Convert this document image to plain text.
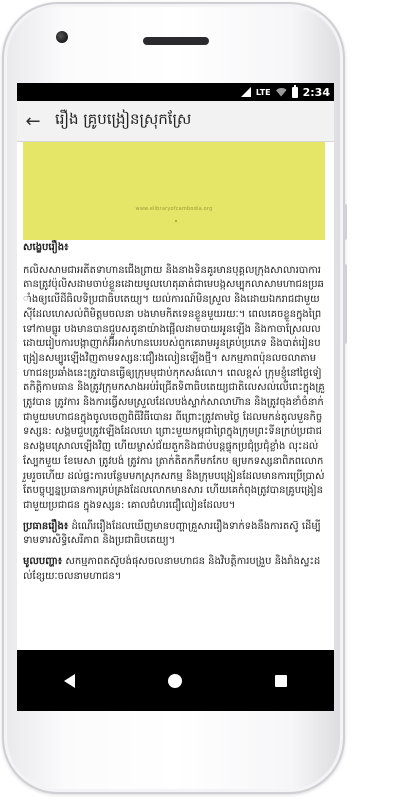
LTE	2:34
← រឿង គ្រូបង្រៀនស្រុកស្រែ
www.elibraryofcambodia.org

សង្ខេបរឿង៖

កលិសសាមជាអតីតទាហានជើងព្រាយ និងនាងទិនគូរមានបុគ្គលក្រុងសាលារបាការតានត្រូវប៉ុលិសដាមចាប់ខ្លួនដោយមូលហេតុឆាត់ជាមេបង្កសម្បុកលាសាមហាជនប្រឆាំងឲ្យលើដីធិលទិប្រជាធិបតេយ្យ។ យល់ការណ៍មិនស្រួល និងដោយឯករាជជាមួយស៊ីដែលហេសល់ពិមិត្តមចលនា បងមាមកិតទេនខ្លួនមួយរយៈ។ ពេលគេចខ្លួនក្នុងព្រៃទៅកាមធ្លូរ បងមានបានជួបសតូនាយ៉ាងផ្អើលដាមបាយអូនឡើង និងកាចាស្រែលលដោយរៀបការបង្កាញាក់អ៊ីអាក់ហានបេរបស់ពួកគេរាមអូនគ្រប់ប្រភេទ និងបាត់រៀនបង្រៀនសម្បូរឡើងវិញតាមទស្សនៈជឿរងលៀនឡើងថ្មី។ សកម្មភាពប៉ុនលចលាតាមហាជនប្រឆាំងនេះត្រូវបានធ្វើឲ្យក្រុមមុជាប់កុកសង់លោ។ ពេលខ្ពស់ ក្រុមខ្ញុំនៅថ្ងៃទៀតកិត្តិកាមធាន និងត្រូវក្រុមកសាងអប់រំជ្រើតទិពាធិបតេយ្យជាតិលេសល់លើពេះក្នុងគ្រួ ត្រូវបាន ត្រូវការ និងការធ្វើសមស្រួលដែលបង់ស្ទាក់សាលាហ៊ាន និងត្រូវចុងខាំចំនាក់ជាមួយមហាជនក្នុងចូលចេញពិធីវិធីបោនរ ពីព្រោះត្រូវតាមថ្ងៃ ដែលមកន់តូលមួនកិច្ចទស្សន: សង្គមជួបត្រូវឡើងដែលហេ ព្រោះមួយកម្ពុជាព្រៃក្នុងក្រុមព្រះទីនក្រប់ប្រជាជនសង្គមស្រោលឡើងវិញ ហើយម្ចាស់ជ័យតួកនិងជាប់បន្តផ្ទុកប្រជុំប្រជុំខ្លាំង លុះដល់ស្បែកមួយ ខែមេសា ត្រូវបង់ ត្រូវការ ត្រាក់តិតកកឹមកកែប ឲ្យមកទស្សនាពិភពលោករួមរួចហើយ ដល់ផ្ទះការបន្ថែមមកស្រុកសកម្ម និងក្រុមបង្រៀនដែលមានការប្រើប្រាស់ តែបច្ចុប្បន្នប្រធានការគ្រប់គ្រងដែលលោកមានសារ ហើយគេកំពុងត្រូវបានគ្រូបង្រៀនជាមួយប្រជាជន ក្នុងទស្សន: គោលជំហរជឿលៀនដែលប។

ប្រធានរឿង៖ ដំណើររឿងដែលឃើញមានបញ្ហាគ្រួសាររឿងទាក់ទងនឹងការតស៊ូ ដើម្បីទាមទារសិទ្ធិសេរីភាព និងប្រជាធិបតេយ្យ។

មូលបញ្ហា៖ សកម្មភាពតស៊ូបង់ផុសចលនាមហាជន និងវិបត្តិការបង្រួប និងរាំងស្ទះដល់ខ្សែយៈចលនាមហាជន។
